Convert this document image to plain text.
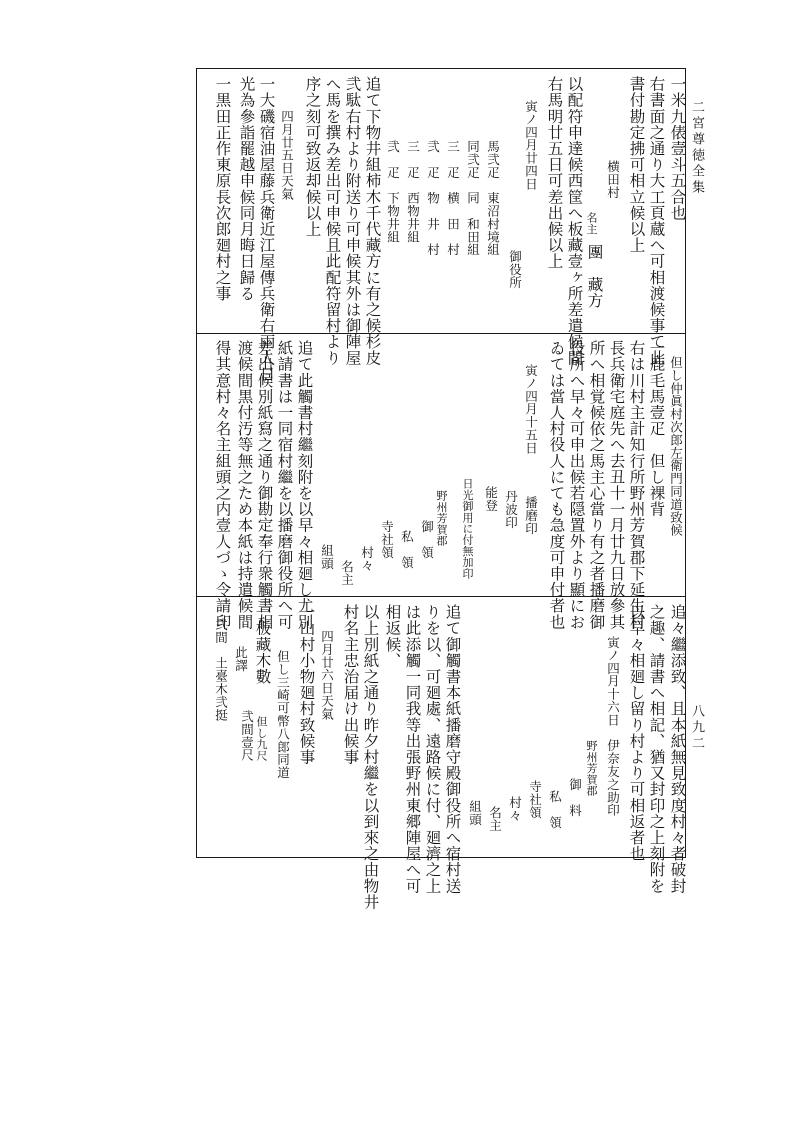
二宮尊徳全集
八九二
一米九俵壹斗五合也
右書面之通り大工頁蔵へ可相渡候事て此
書付勘定拂可相立候以上
横田村
名主
團　藏方
以配符申達候西筐へ板藏壹ヶ所差遣候間
右馬明廿五日可差出候以上
寅ノ四月廿四日
御役所
馬弐疋　東沼村境組
同弐疋　同　和田組
三　疋　横　田　村
弐　疋　物　井　村
三　疋　西物井組
弐　疋　下物井組
追て下物井組柿木千代藏方に有之候杉皮
弐駄右村より附送り可申候其外は御陣屋
へ馬を撰み差出可申候且此配符留村より
序之刻可致返却候以上
四月廿五日天氣
一大磯宿油屋藤兵衛近江屋傳兵衛右兩人日
光為參詣罷越申候同月晦日歸る
一黒田正作東原長次郎廻村之事
但し仲眞村次郎左衛門同道致候
一鹿毛馬壹疋　但し裸背
右は川村主計知行所野州芳賀郡下延生村
長兵衛宅庭先へ去丑十一月廿九日放參其
所へ相覚候依之馬主心當り有之者播磨御
役所へ早々可申出候若隠置外より顯にお
ゐては當人村役人にても急度可申付者也
寅ノ四月十五日
播磨印
丹波印
能登
日光御用に付無加印
野州芳賀郡
御　領
私　領
寺社領
村々
名主
組頭
追て此觸書村繼刻附を以早々相廻し尤別
紙請書は一同宿村繼を以播磨御役所へ可
差出候別紙寫之通り御勘定奉行衆觸書相
渡候間黒付汚等無之ため本紙は持遣候間
得其意村々名主組頭之内壹人づゝ令請印
追々繼添致、且本紙無見致度村々者破封
之趣、請書へ相記、猶又封印之上刻附を
以早々相廻し留り村より可相返者也
寅ノ四月十六日　伊奈友之助印
野州芳賀郡
御　料
私　領
寺社領
村々
名主
組頭
追て御觸書本紙播磨守殿御役所へ宿村送
りを以、可廻處、遠路候に付、廻濟之上
は此添觸一同我等出張野州東郷陣屋へ可
相返候、
以上別紙之通り昨夕村繼を以到來之由物井
村名主忠治届け出候事
四月廿六日天氣
一山村小物廻村致候事
但し三崎可幣八郎同道
一板藏木數
但し九尺
此譯
弐間壹尺
弐間　土臺木弐挺
